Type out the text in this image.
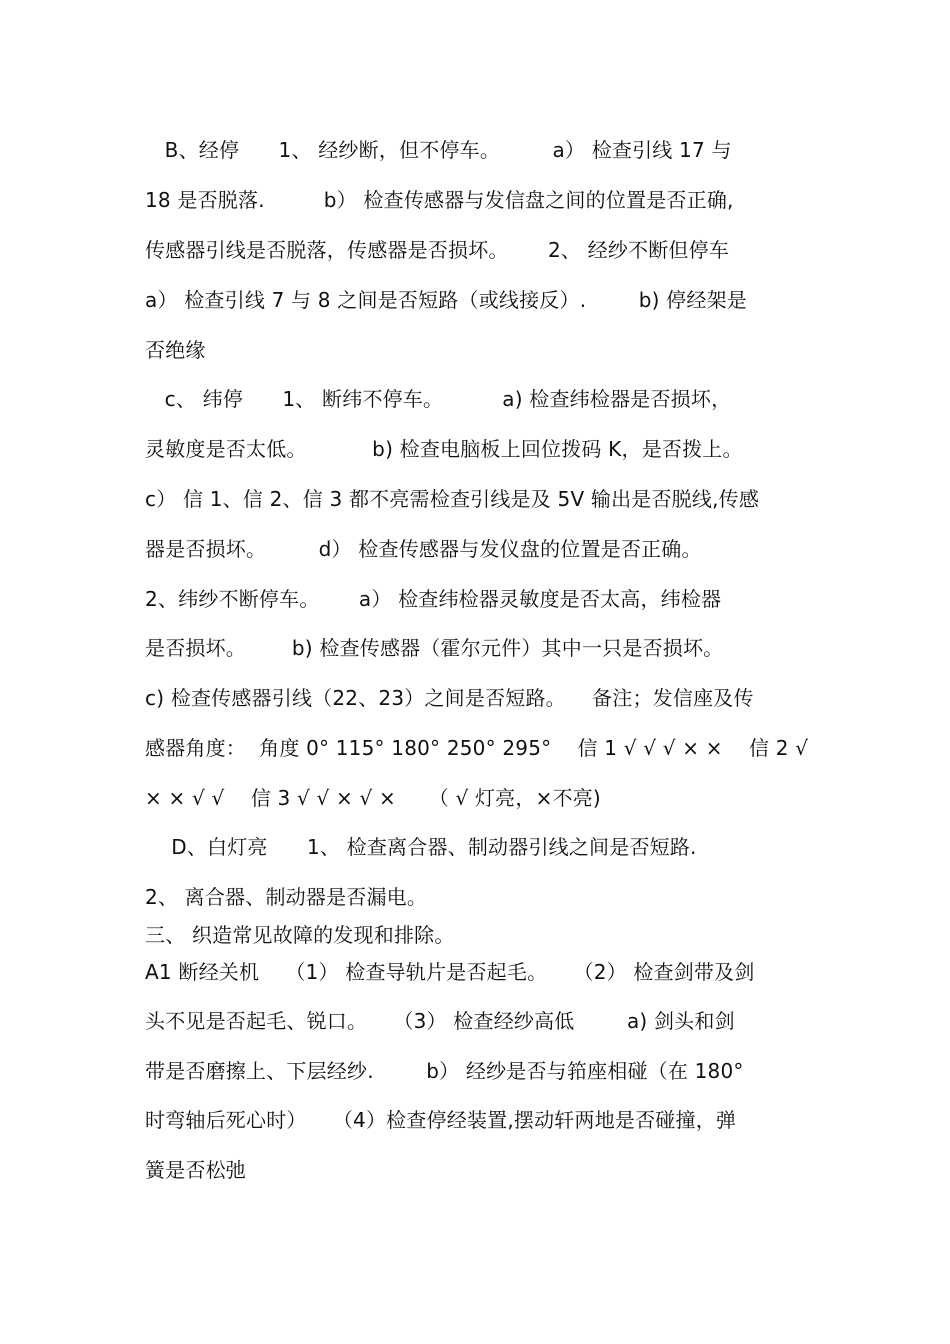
B、经停      1、 经纱断，但不停车。        a） 检查引线 17 与
18 是否脱落.         b） 检查传感器与发信盘之间的位置是否正确,
传感器引线是否脱落，传感器是否损坏。      2、 经纱不断但停车
a） 检查引线 7 与 8 之间是否短路（或线接反）.        b) 停经架是
否绝缘
c、 纬停      1、 断纬不停车。         a) 检查纬检器是否损坏，
灵敏度是否太低。          b) 检查电脑板上回位拨码 K，是否拨上。
c） 信 1、信 2、信 3 都不亮需检查引线是及 5V 输出是否脱线,传感
器是否损坏。        d） 检查传感器与发仪盘的位置是否正确。
2、纬纱不断停车。      a） 检查纬检器灵敏度是否太高，纬检器
是否损坏。       b) 检查传感器（霍尔元件）其中一只是否损坏。
c) 检查传感器引线（22、23）之间是否短路。    备注；发信座及传
感器角度：  角度 0° 115° 180° 250° 295°    信 1 √ √ √ × ×    信 2 √
× × √ √    信 3 √ √ × √ ×     （ √ 灯亮，×不亮)
D、白灯亮      1、 检查离合器、制动器引线之间是否短路.
2、 离合器、制动器是否漏电。
三、 织造常见故障的发现和排除。
A1 断经关机    （1） 检查导轨片是否起毛。    （2） 检查剑带及剑
头不见是否起毛、锐口。    （3） 检查经纱高低        a) 剑头和剑
带是否磨擦上、下层经纱.        b） 经纱是否与筘座相碰（在 180°
时弯轴后死心时）    （4）检查停经装置,摆动轩两地是否碰撞，弹
簧是否松弛
